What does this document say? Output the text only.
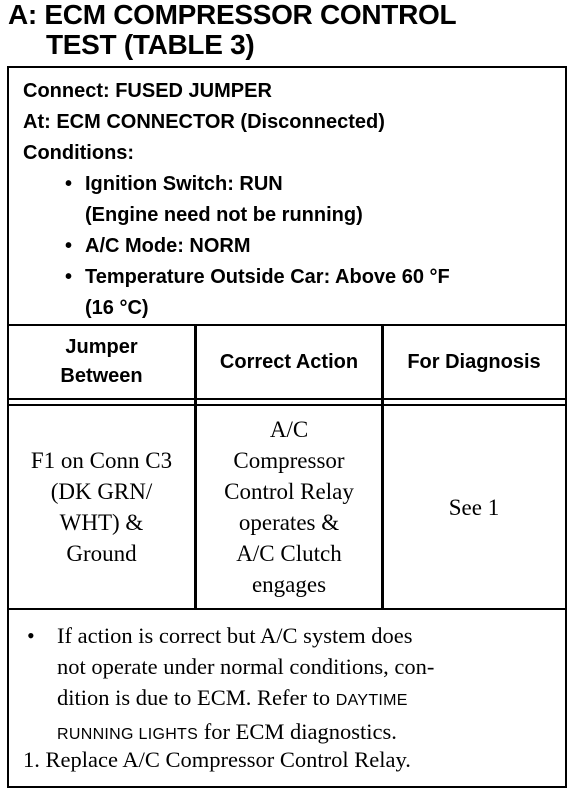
A: ECM COMPRESSOR CONTROL
TEST (TABLE 3)
Connect: FUSED JUMPER
At: ECM CONNECTOR (Disconnected)
Conditions:
• Ignition Switch: RUN
(Engine need not be running)
• A/C Mode: NORM
• Temperature Outside Car: Above 60 °F
(16 °C)
Jumper
Between
Correct Action	For Diagnosis
F1 on Conn C3
(DK GRN/
WHT) &
Ground
A/C
Compressor
Control Relay
operates &
A/C Clutch
engages
See 1
• If action is correct but A/C system does
not operate under normal conditions, con-
dition is due to ECM. Refer to DAYTIME
RUNNING LIGHTS for ECM diagnostics.
1. Replace A/C Compressor Control Relay.
